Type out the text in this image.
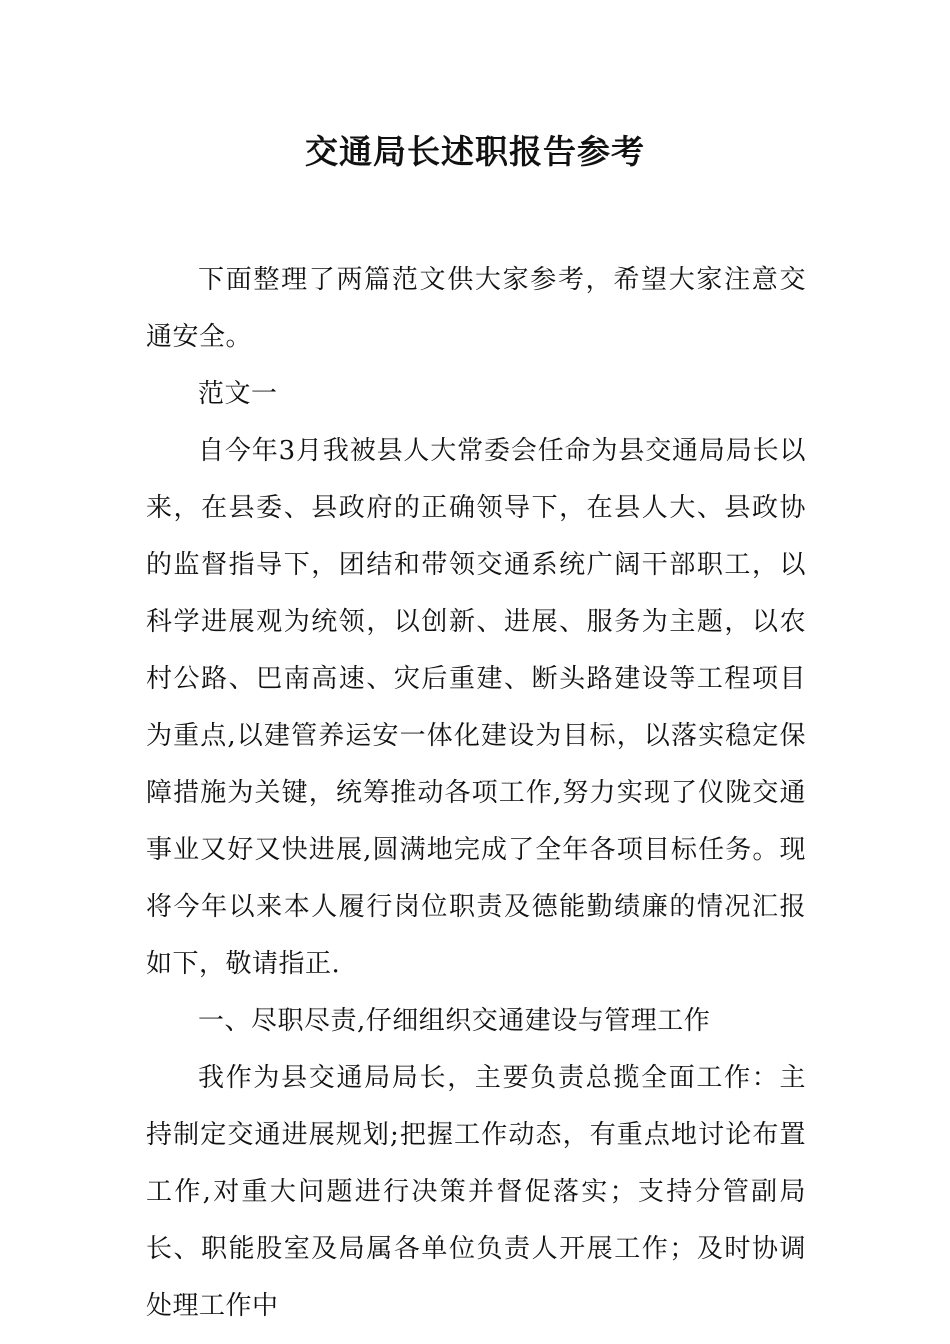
交通局长述职报告参考

下面整理了两篇范文供大家参考，希望大家注意交通安全。

范文一

自今年3月我被县人大常委会任命为县交通局局长以来，在县委、县政府的正确领导下，在县人大、县政协的监督指导下，团结和带领交通系统广阔干部职工，以科学进展观为统领，以创新、进展、服务为主题，以农村公路、巴南高速、灾后重建、断头路建设等工程项目为重点,以建管养运安一体化建设为目标，以落实稳定保障措施为关键，统筹推动各项工作,努力实现了仪陇交通事业又好又快进展,圆满地完成了全年各项目标任务。现将今年以来本人履行岗位职责及德能勤绩廉的情况汇报如下，敬请指正.

一、尽职尽责,仔细组织交通建设与管理工作

我作为县交通局局长，主要负责总揽全面工作：主持制定交通进展规划;把握工作动态，有重点地讨论布置工作,对重大问题进行决策并督促落实；支持分管副局长、职能股室及局属各单位负责人开展工作；及时协调处理工作中
